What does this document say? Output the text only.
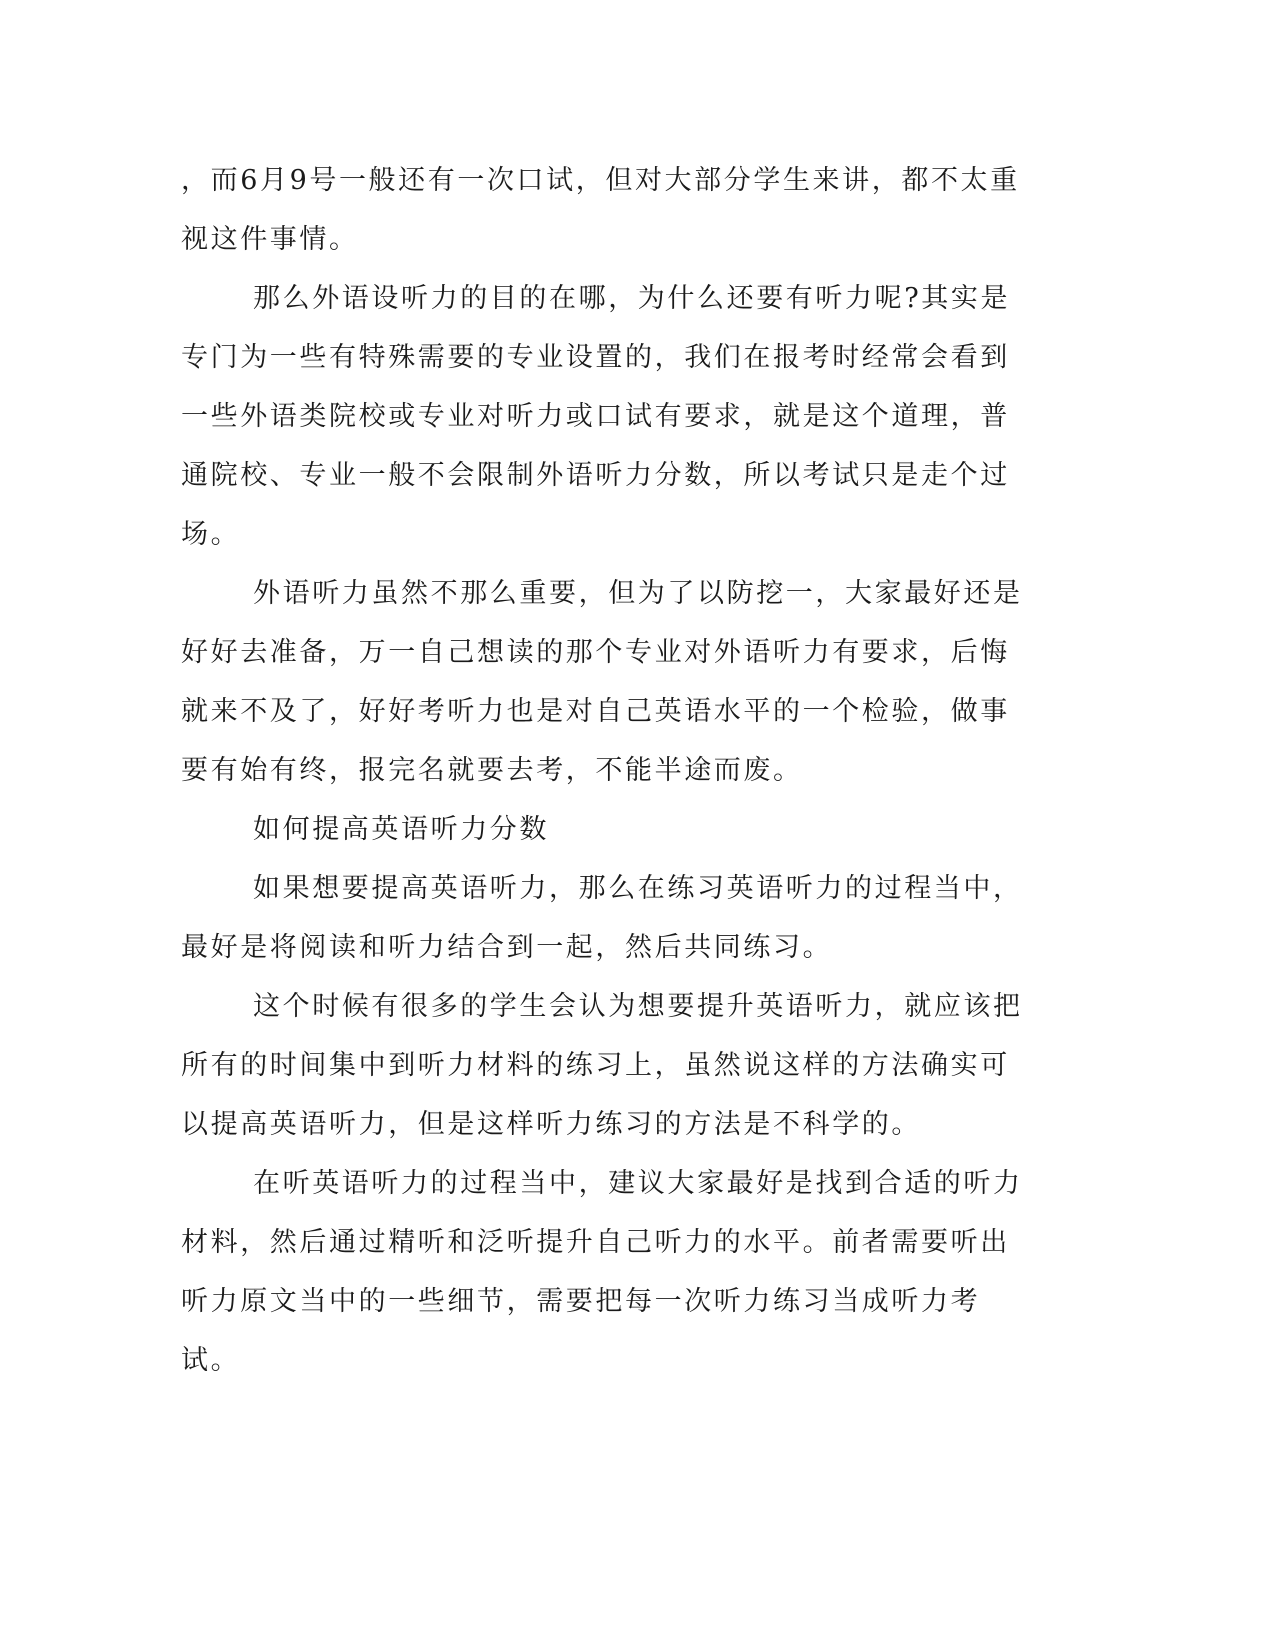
，而6月9号一般还有一次口试，但对大部分学生来讲，都不太重视这件事情。

那么外语设听力的目的在哪，为什么还要有听力呢?其实是专门为一些有特殊需要的专业设置的，我们在报考时经常会看到一些外语类院校或专业对听力或口试有要求，就是这个道理，普通院校、专业一般不会限制外语听力分数，所以考试只是走个过场。

外语听力虽然不那么重要，但为了以防挖一，大家最好还是好好去准备，万一自己想读的那个专业对外语听力有要求，后悔就来不及了，好好考听力也是对自己英语水平的一个检验，做事要有始有终，报完名就要去考，不能半途而废。

如何提高英语听力分数

如果想要提高英语听力，那么在练习英语听力的过程当中，最好是将阅读和听力结合到一起，然后共同练习。

这个时候有很多的学生会认为想要提升英语听力，就应该把所有的时间集中到听力材料的练习上，虽然说这样的方法确实可以提高英语听力，但是这样听力练习的方法是不科学的。

在听英语听力的过程当中，建议大家最好是找到合适的听力材料，然后通过精听和泛听提升自己听力的水平。前者需要听出听力原文当中的一些细节，需要把每一次听力练习当成听力考试。
